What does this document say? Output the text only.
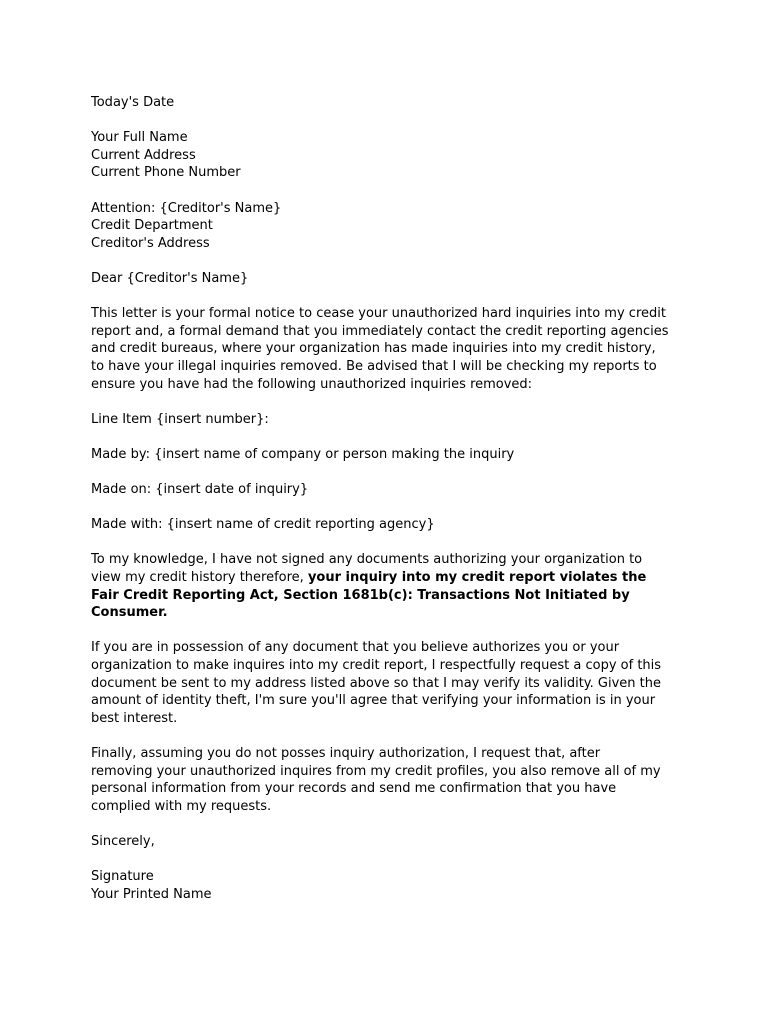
Today's Date
Your Full Name
Current Address
Current Phone Number
Attention: {Creditor's Name}
Credit Department
Creditor's Address
Dear {Creditor's Name}
This letter is your formal notice to cease your unauthorized hard inquiries into my credit
report and, a formal demand that you immediately contact the credit reporting agencies
and credit bureaus, where your organization has made inquiries into my credit history,
to have your illegal inquiries removed. Be advised that I will be checking my reports to
ensure you have had the following unauthorized inquiries removed:
Line Item {insert number}:
Made by: {insert name of company or person making the inquiry
Made on: {insert date of inquiry}
Made with: {insert name of credit reporting agency}
To my knowledge, I have not signed any documents authorizing your organization to
view my credit history therefore, your inquiry into my credit report violates the
Fair Credit Reporting Act, Section 1681b(c): Transactions Not Initiated by
Consumer.
If you are in possession of any document that you believe authorizes you or your
organization to make inquires into my credit report, I respectfully request a copy of this
document be sent to my address listed above so that I may verify its validity. Given the
amount of identity theft, I'm sure you'll agree that verifying your information is in your
best interest.
Finally, assuming you do not posses inquiry authorization, I request that, after
removing your unauthorized inquires from my credit profiles, you also remove all of my
personal information from your records and send me confirmation that you have
complied with my requests.
Sincerely,
Signature
Your Printed Name
